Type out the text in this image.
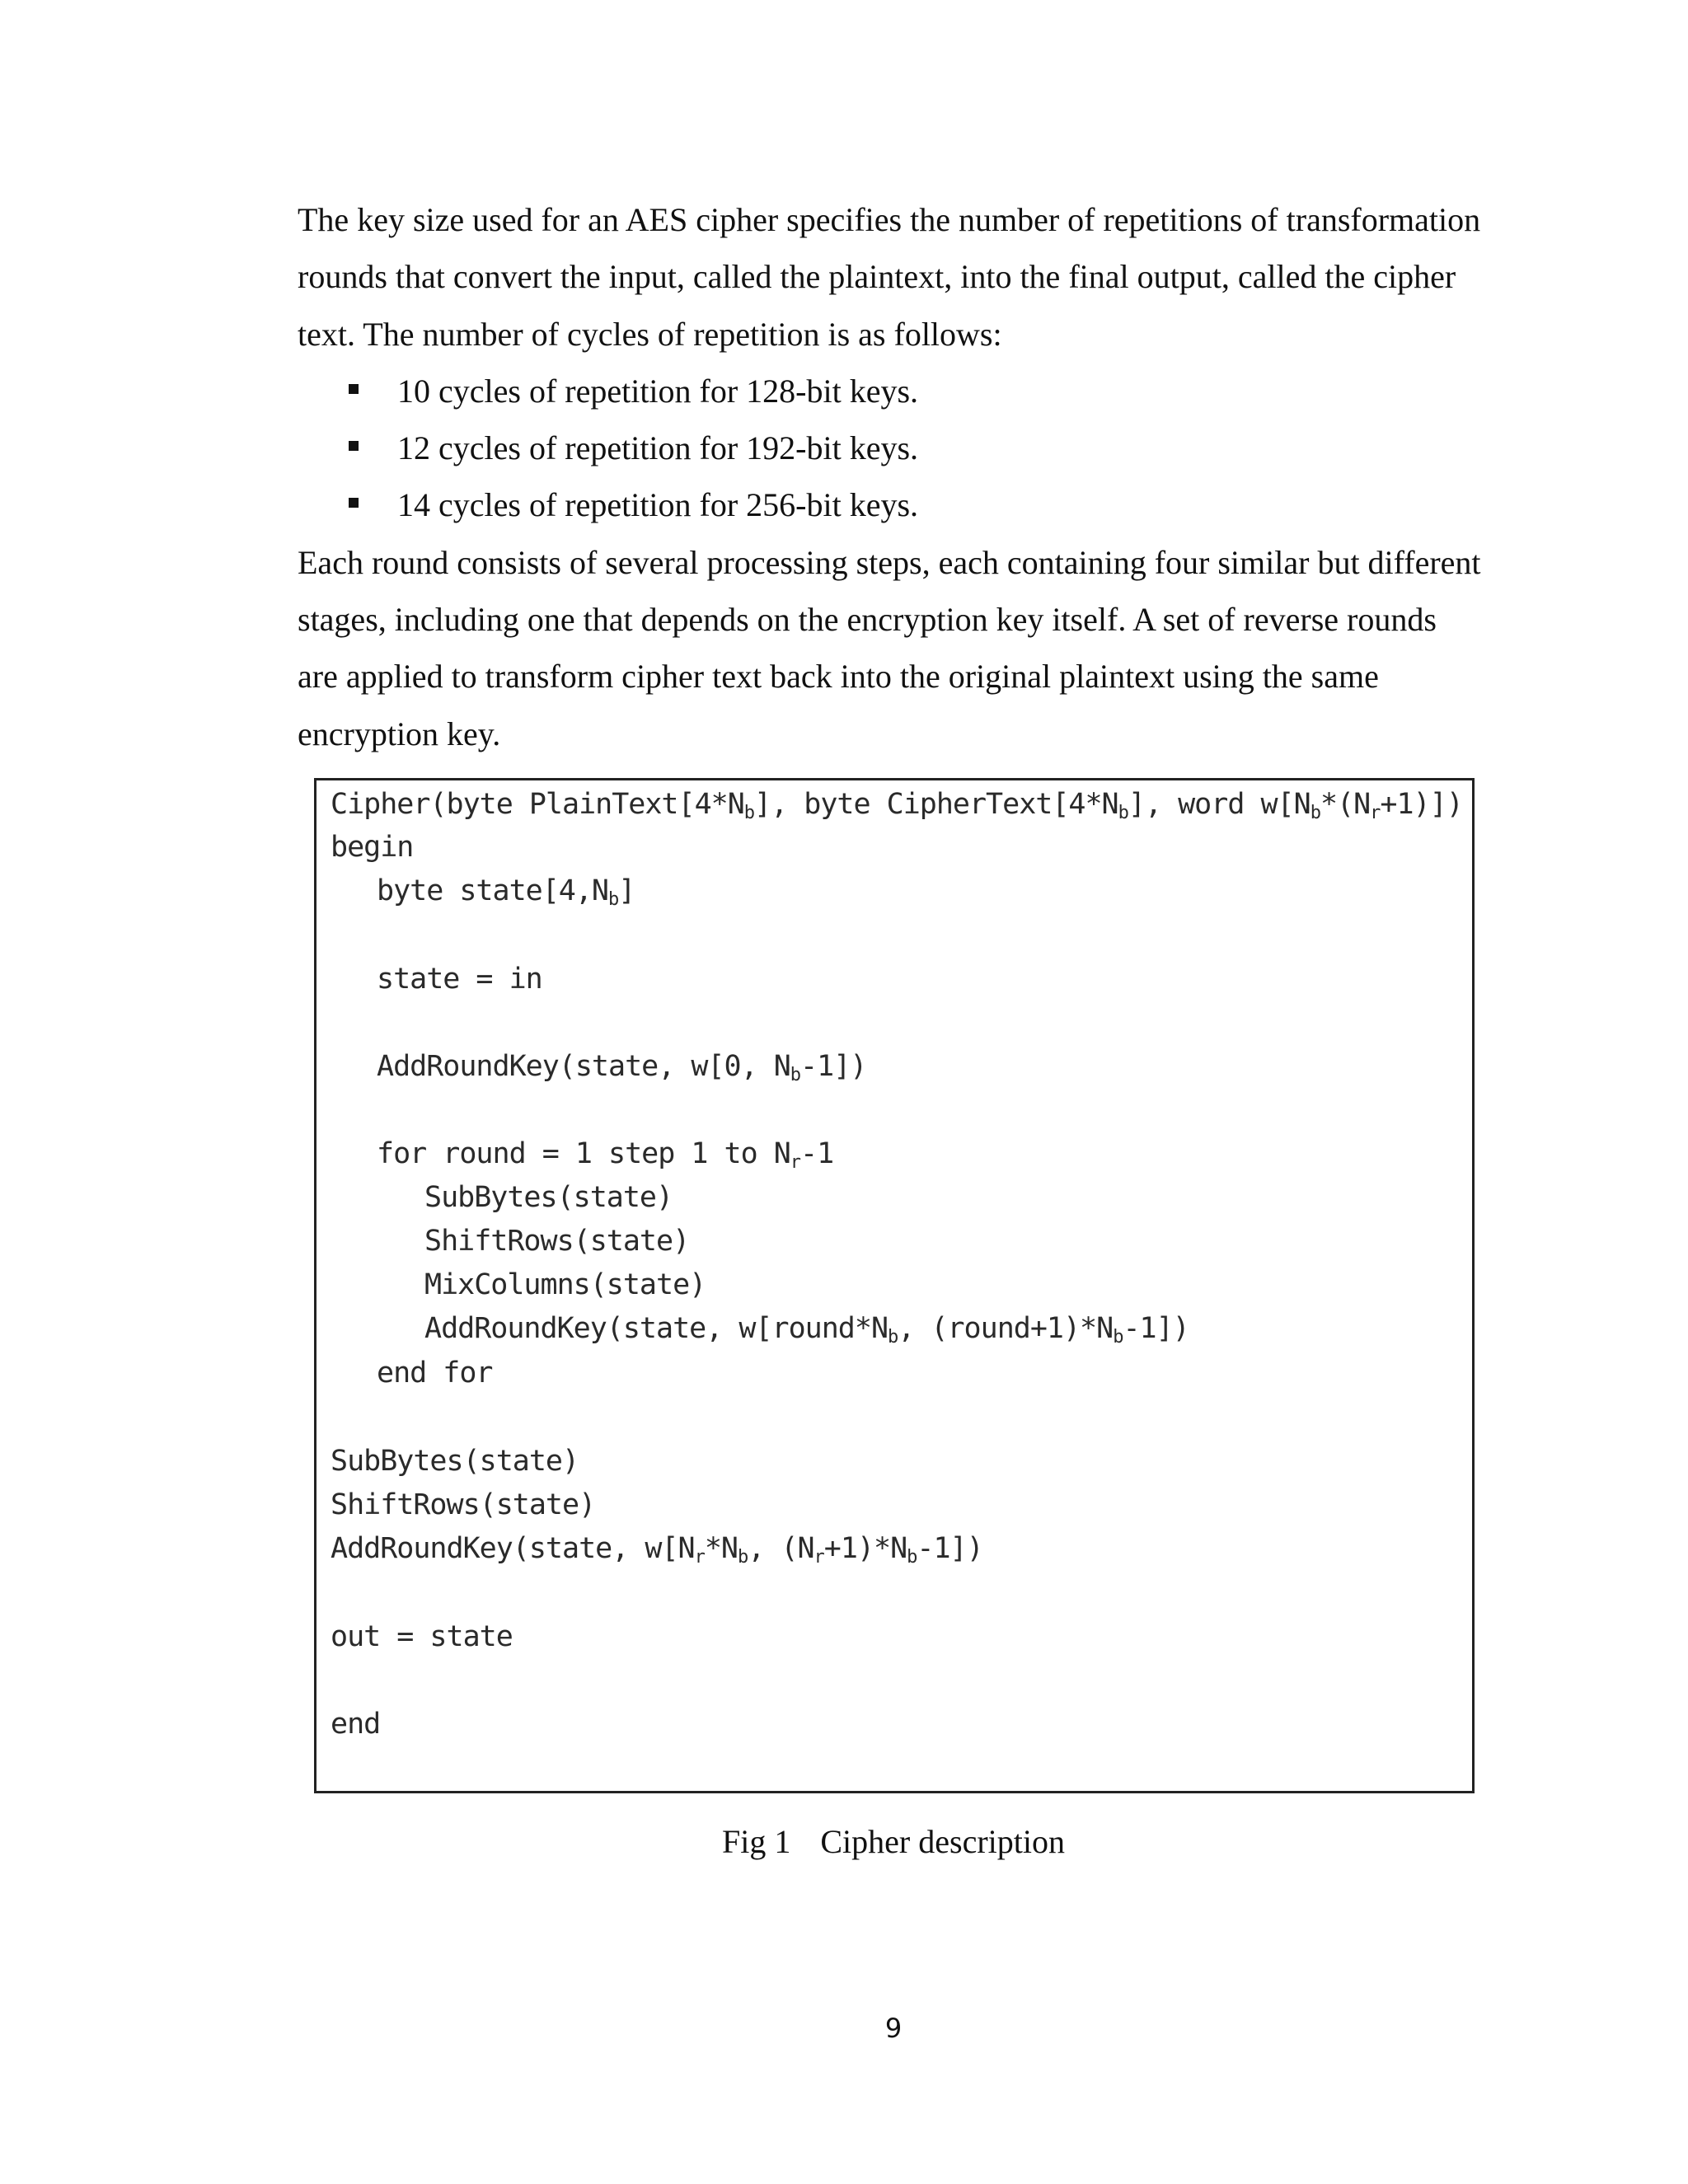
The key size used for an AES cipher specifies the number of repetitions of transformation
rounds that convert the input, called the plaintext, into the final output, called the cipher
text. The number of cycles of repetition is as follows:

10 cycles of repetition for 128-bit keys.
12 cycles of repetition for 192-bit keys.
14 cycles of repetition for 256-bit keys.

Each round consists of several processing steps, each containing four similar but different
stages, including one that depends on the encryption key itself. A set of reverse rounds
are applied to transform cipher text back into the original plaintext using the same
encryption key.

Cipher(byte $PlainText[4*N_b]$, byte $CipherText[4*N_b]$, word $w[N_b*(N_r+1)]$)
begin
byte $state[4,N_b]$
state = in
AddRoundKey(state, w[0, $N_b-1$])
for round = 1 step 1 to $N_r-1$
SubBytes(state)
ShiftRows(state)
MixColumns(state)
AddRoundKey(state, $w[round*N_b$, $(round+1)*N_b-1$])
end for
SubBytes(state)
ShiftRows(state)
AddRoundKey(state, $w[N_r*N_b$, $(N_r+1)*N_b-1$])
out = state
end
Fig 1 Cipher description
9
